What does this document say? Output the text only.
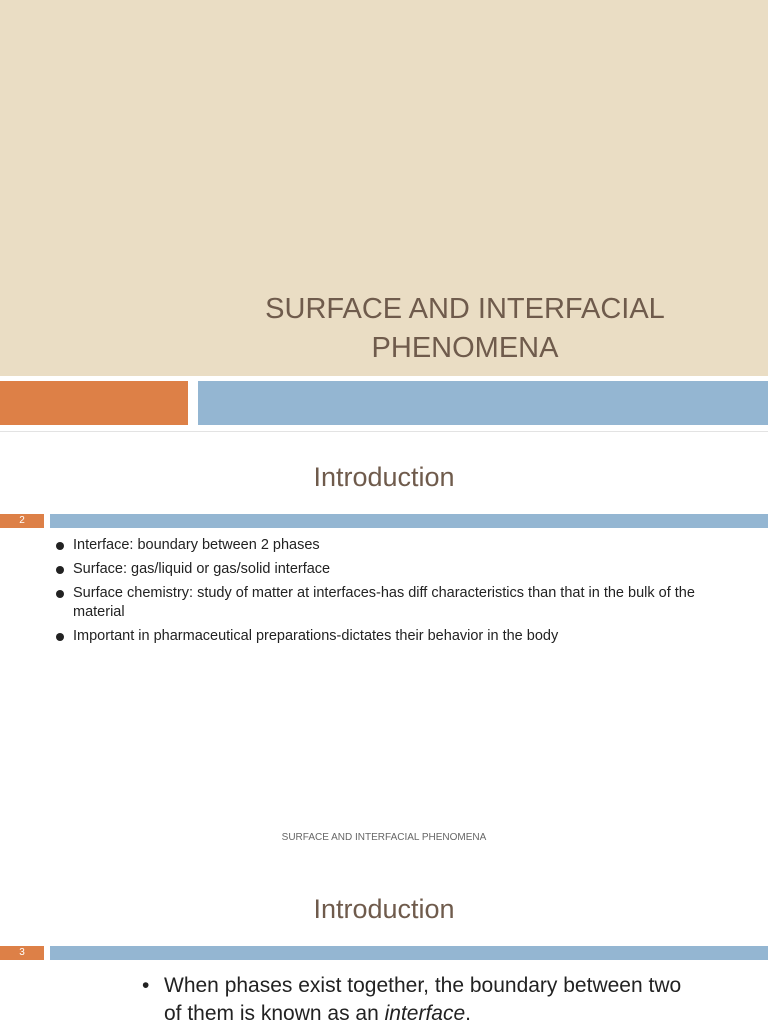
SURFACE AND INTERFACIAL
PHENOMENA
Introduction
2
Interface: boundary between 2 phases
Surface: gas/liquid or gas/solid interface
Surface chemistry: study of matter at interfaces-has diff characteristics than that in the bulk of the material
Important in pharmaceutical preparations-dictates their behavior in the body
SURFACE AND INTERFACIAL PHENOMENA
Introduction
3
• When phases exist together, the boundary between two of them is known as an interface.
